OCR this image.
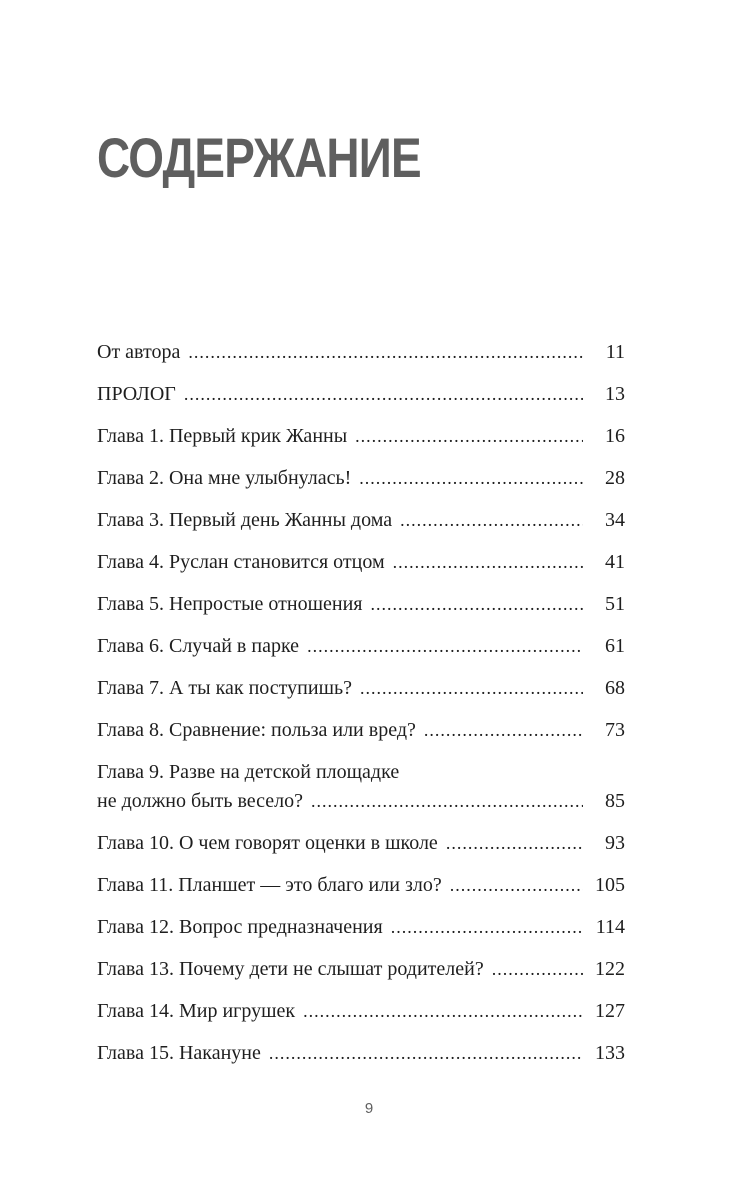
СОДЕРЖАНИЕ
От автора .....	11
ПРОЛОГ .....	13
Глава 1. Первый крик Жанны .....	16
Глава 2. Она мне улыбнулась! .....	28
Глава 3. Первый день Жанны дома .....	34
Глава 4. Руслан становится отцом .....	41
Глава 5. Непростые отношения .....	51
Глава 6. Случай в парке .....	61
Глава 7. А ты как поступишь? .....	68
Глава 8. Сравнение: польза или вред? .....	73
Глава 9. Разве на детской площадке
не должно быть весело? .....	85
Глава 10. О чем говорят оценки в школе .....	93
Глава 11. Планшет — это благо или зло? .....	105
Глава 12. Вопрос предназначения .....	114
Глава 13. Почему дети не слышат родителей? .....	122
Глава 14. Мир игрушек .....	127
Глава 15. Накануне .....	133
9
